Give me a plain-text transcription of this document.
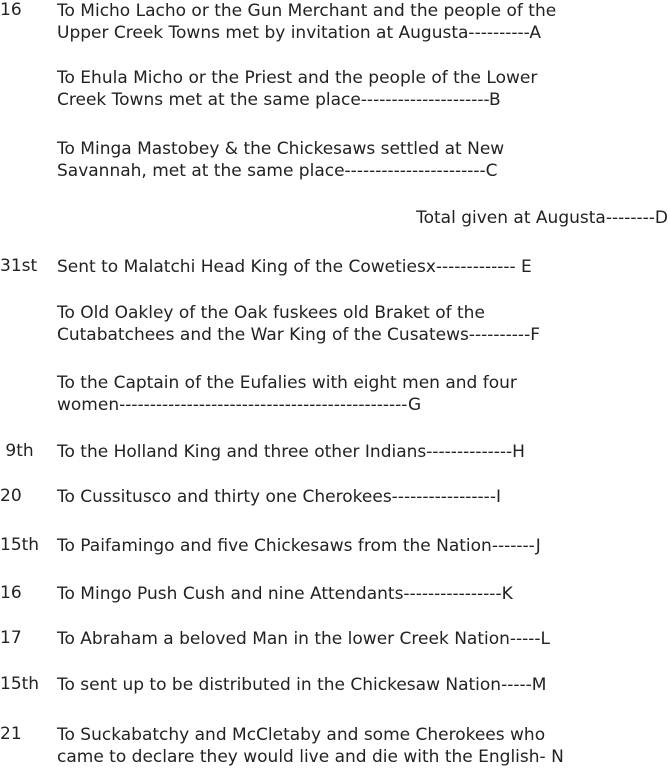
16	To Micho Lacho or the Gun Merchant and the people of the
Upper Creek Towns met by invitation at Augusta----------A
To Ehula Micho or the Priest and the people of the Lower
Creek Towns met at the same place---------------------B
To Minga Mastobey & the Chickesaws settled at New
Savannah, met at the same place-----------------------C
Total given at Augusta--------D
31st	Sent to Malatchi Head King of the Cowetiesx------------- E
To Old Oakley of the Oak fuskees old Braket of the
Cutabatchees and the War King of the Cusatews----------F
To the Captain of the Eufalies with eight men and four
women-----------------------------------------------G
9th	To the Holland King and three other Indians--------------H
20	To Cussitusco and thirty one Cherokees-----------------I
15th	To Paifamingo and five Chickesaws from the Nation-------J
16	To Mingo Push Cush and nine Attendants----------------K
17	To Abraham a beloved Man in the lower Creek Nation-----L
15th	To sent up to be distributed in the Chickesaw Nation-----M
21	To Suckabatchy and McCletaby and some Cherokees who
came to declare they would live and die with the English- N
